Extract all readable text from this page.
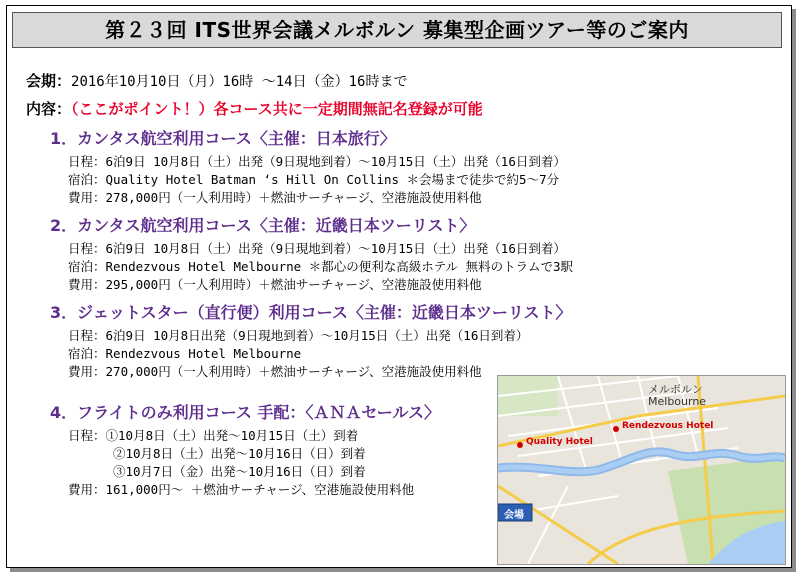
第２３回 ITS世界会議メルボルン 募集型企画ツアー等のご案内
会期：2016年10月10日（月）16時 ～14日（金）16時まで
内容：（ここがポイント！）各コース共に一定期間無記名登録が可能
1．カンタス航空利用コース〈主催：日本旅行〉
日程：6泊9日 10月8日（土）出発（9日現地到着）～10月15日（土）出発（16日到着）
宿泊：Quality Hotel Batman ‘s Hill On Collins ＊会場まで徒歩で約5～7分
費用：278,000円（一人利用時）＋燃油サーチャージ、空港施設使用料他
2．カンタス航空利用コース〈主催：近畿日本ツーリスト〉
日程：6泊9日 10月8日（土）出発（9日現地到着）～10月15日（土）出発（16日到着）
宿泊：Rendezvous Hotel Melbourne ＊都心の便利な高級ホテル 無料のトラムで3駅
費用：295,000円（一人利用時）＋燃油サーチャージ、空港施設使用料他
3．ジェットスター（直行便）利用コース〈主催：近畿日本ツーリスト〉
日程：6泊9日 10月8日出発（9日現地到着）～10月15日（土）出発（16日到着）
宿泊：Rendezvous Hotel Melbourne
費用：270,000円（一人利用時）＋燃油サーチャージ、空港施設使用料他
4．フライトのみ利用コース 手配：〈ＡＮＡセールス〉
日程：①10月8日（土）出発～10月15日（土）到着
②10月8日（土）出発～10月16日（日）到着
③10月7日（金）出発～10月16日（日）到着
費用：161,000円～ ＋燃油サーチャージ、空港施設使用料他
メルボルン
Melbourne
Quality Hotel
Rendezvous Hotel
会場
